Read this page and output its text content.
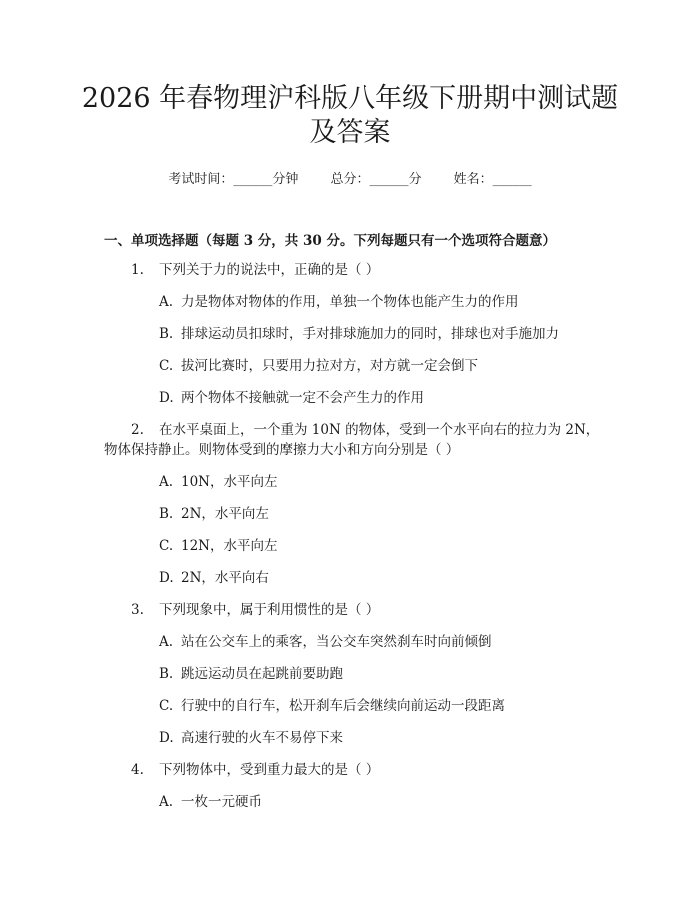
2026 年春物理沪科版八年级下册期中测试题
及答案
考试时间：______分钟 总分：______分 姓名：______
一、单项选择题（每题 3 分，共 30 分。下列每题只有一个选项符合题意）
1. 下列关于力的说法中，正确的是（ ）
A. 力是物体对物体的作用，单独一个物体也能产生力的作用
B. 排球运动员扣球时，手对排球施加力的同时，排球也对手施加力
C. 拔河比赛时，只要用力拉对方，对方就一定会倒下
D. 两个物体不接触就一定不会产生力的作用
2. 在水平桌面上，一个重为 10N 的物体，受到一个水平向右的拉力为 2N，
物体保持静止。则物体受到的摩擦力大小和方向分别是（ ）
A. 10N，水平向左
B. 2N，水平向左
C. 12N，水平向左
D. 2N，水平向右
3. 下列现象中，属于利用惯性的是（ ）
A. 站在公交车上的乘客，当公交车突然刹车时向前倾倒
B. 跳远运动员在起跳前要助跑
C. 行驶中的自行车，松开刹车后会继续向前运动一段距离
D. 高速行驶的火车不易停下来
4. 下列物体中，受到重力最大的是（ ）
A. 一枚一元硬币
